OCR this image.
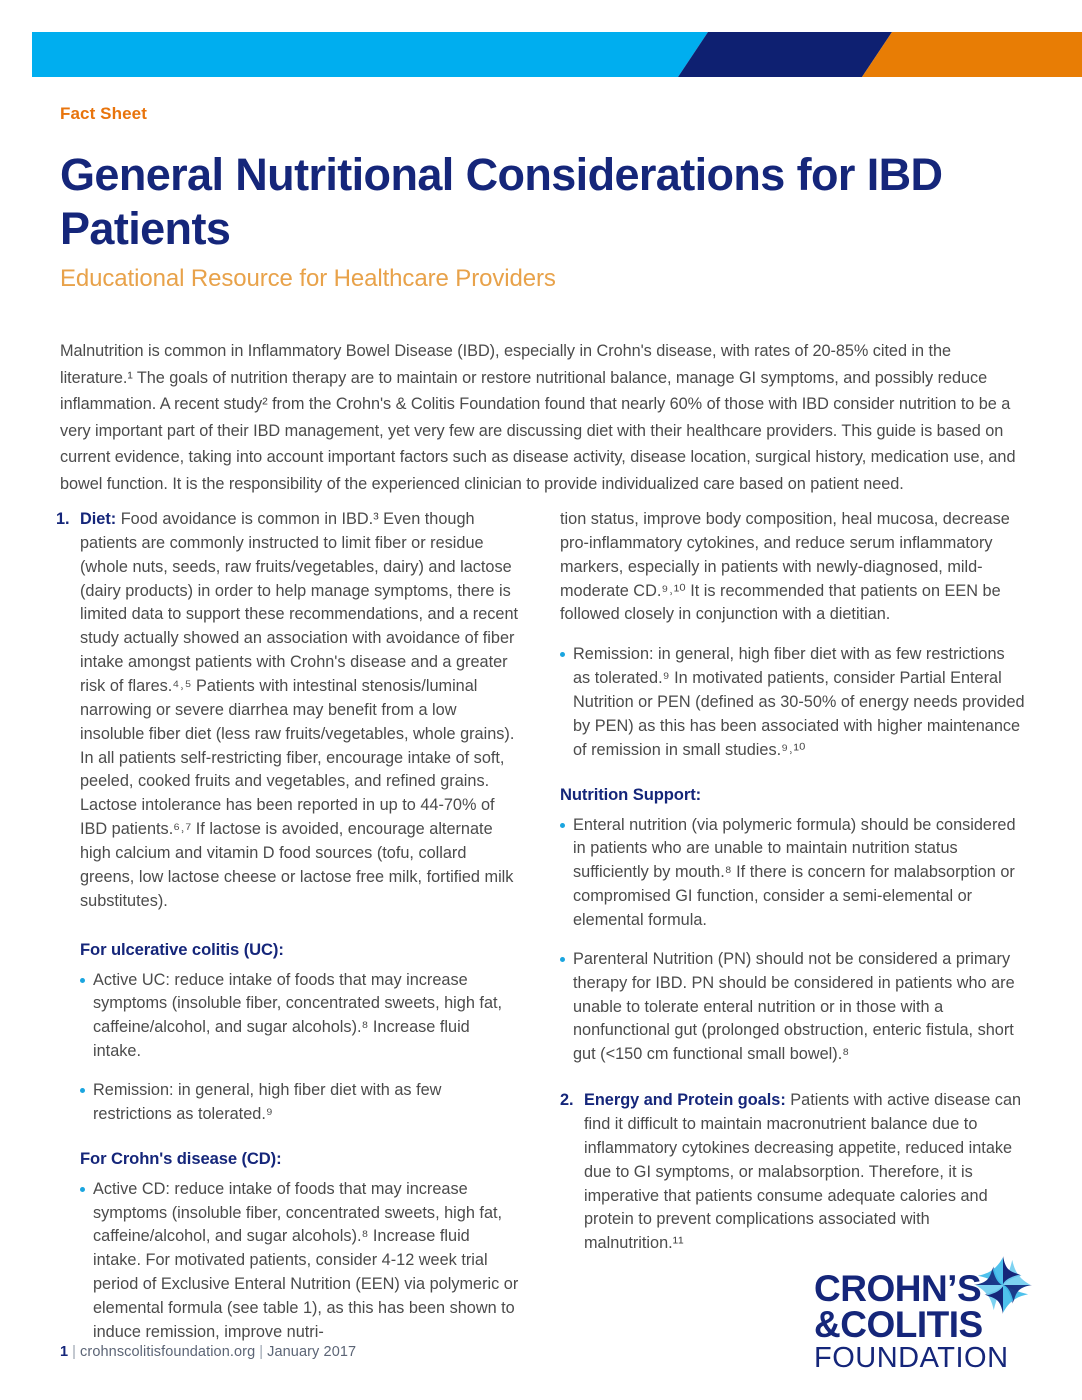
Fact Sheet
General Nutritional Considerations for IBD Patients
Educational Resource for Healthcare Providers
Malnutrition is common in Inflammatory Bowel Disease (IBD), especially in Crohn's disease, with rates of 20-85% cited in the literature.¹ The goals of nutrition therapy are to maintain or restore nutritional balance, manage GI symptoms, and possibly reduce inflammation. A recent study² from the Crohn's & Colitis Foundation found that nearly 60% of those with IBD consider nutrition to be a very important part of their IBD management, yet very few are discussing diet with their healthcare providers. This guide is based on current evidence, taking into account important factors such as disease activity, disease location, surgical history, medication use, and bowel function. It is the responsibility of the experienced clinician to provide individualized care based on patient need.
1. Diet: Food avoidance is common in IBD.³ Even though patients are commonly instructed to limit fiber or residue (whole nuts, seeds, raw fruits/vegetables, dairy) and lactose (dairy products) in order to help manage symptoms, there is limited data to support these recommendations, and a recent study actually showed an association with avoidance of fiber intake amongst patients with Crohn's disease and a greater risk of flares.⁴˒⁵ Patients with intestinal stenosis/luminal narrowing or severe diarrhea may benefit from a low insoluble fiber diet (less raw fruits/vegetables, whole grains). In all patients self-restricting fiber, encourage intake of soft, peeled, cooked fruits and vegetables, and refined grains. Lactose intolerance has been reported in up to 44-70% of IBD patients.⁶˒⁷ If lactose is avoided, encourage alternate high calcium and vitamin D food sources (tofu, collard greens, low lactose cheese or lactose free milk, fortified milk substitutes).
For ulcerative colitis (UC):
Active UC: reduce intake of foods that may increase symptoms (insoluble fiber, concentrated sweets, high fat, caffeine/alcohol, and sugar alcohols).⁸ Increase fluid intake.
Remission: in general, high fiber diet with as few restrictions as tolerated.⁹
For Crohn's disease (CD):
Active CD: reduce intake of foods that may increase symptoms (insoluble fiber, concentrated sweets, high fat, caffeine/alcohol, and sugar alcohols).⁸ Increase fluid intake. For motivated patients, consider 4-12 week trial period of Exclusive Enteral Nutrition (EEN) via polymeric or elemental formula (see table 1), as this has been shown to induce remission, improve nutri-
tion status, improve body composition, heal mucosa, decrease pro-inflammatory cytokines, and reduce serum inflammatory markers, especially in patients with newly-diagnosed, mild-moderate CD.⁹˒¹⁰ It is recommended that patients on EEN be followed closely in conjunction with a dietitian.
Remission: in general, high fiber diet with as few restrictions as tolerated.⁹ In motivated patients, consider Partial Enteral Nutrition or PEN (defined as 30-50% of energy needs provided by PEN) as this has been associated with higher maintenance of remission in small studies.⁹˒¹⁰
Nutrition Support:
Enteral nutrition (via polymeric formula) should be considered in patients who are unable to maintain nutrition status sufficiently by mouth.⁸ If there is concern for malabsorption or compromised GI function, consider a semi-elemental or elemental formula.
Parenteral Nutrition (PN) should not be considered a primary therapy for IBD. PN should be considered in patients who are unable to tolerate enteral nutrition or in those with a nonfunctional gut (prolonged obstruction, enteric fistula, short gut (<150 cm functional small bowel).⁸
2. Energy and Protein goals: Patients with active disease can find it difficult to maintain macronutrient balance due to inflammatory cytokines decreasing appetite, reduced intake due to GI symptoms, or malabsorption. Therefore, it is imperative that patients consume adequate calories and protein to prevent complications associated with malnutrition.¹¹
1 | crohnscolitisfoundation.org | January 2017
CROHN’S
&COLITIS
FOUNDATION
